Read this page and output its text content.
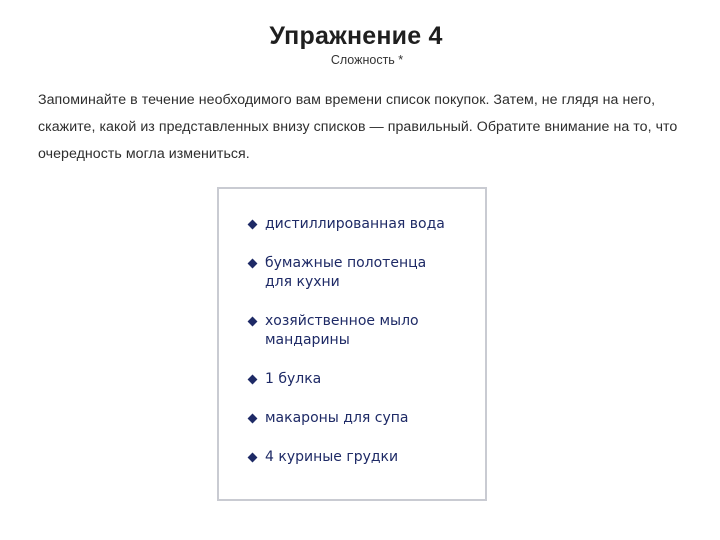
Упражнение 4
Сложность *
Запоминайте в течение необходимого вам времени список покупок. Затем, не глядя на него, скажите, какой из представленных внизу списков — правильный. Обратите внимание на то, что очередность могла измениться.
дистиллированная вода
бумажные полотенца
для кухни
хозяйственное мыло
мандарины
1 булка
макароны для супа
4 куриные грудки
